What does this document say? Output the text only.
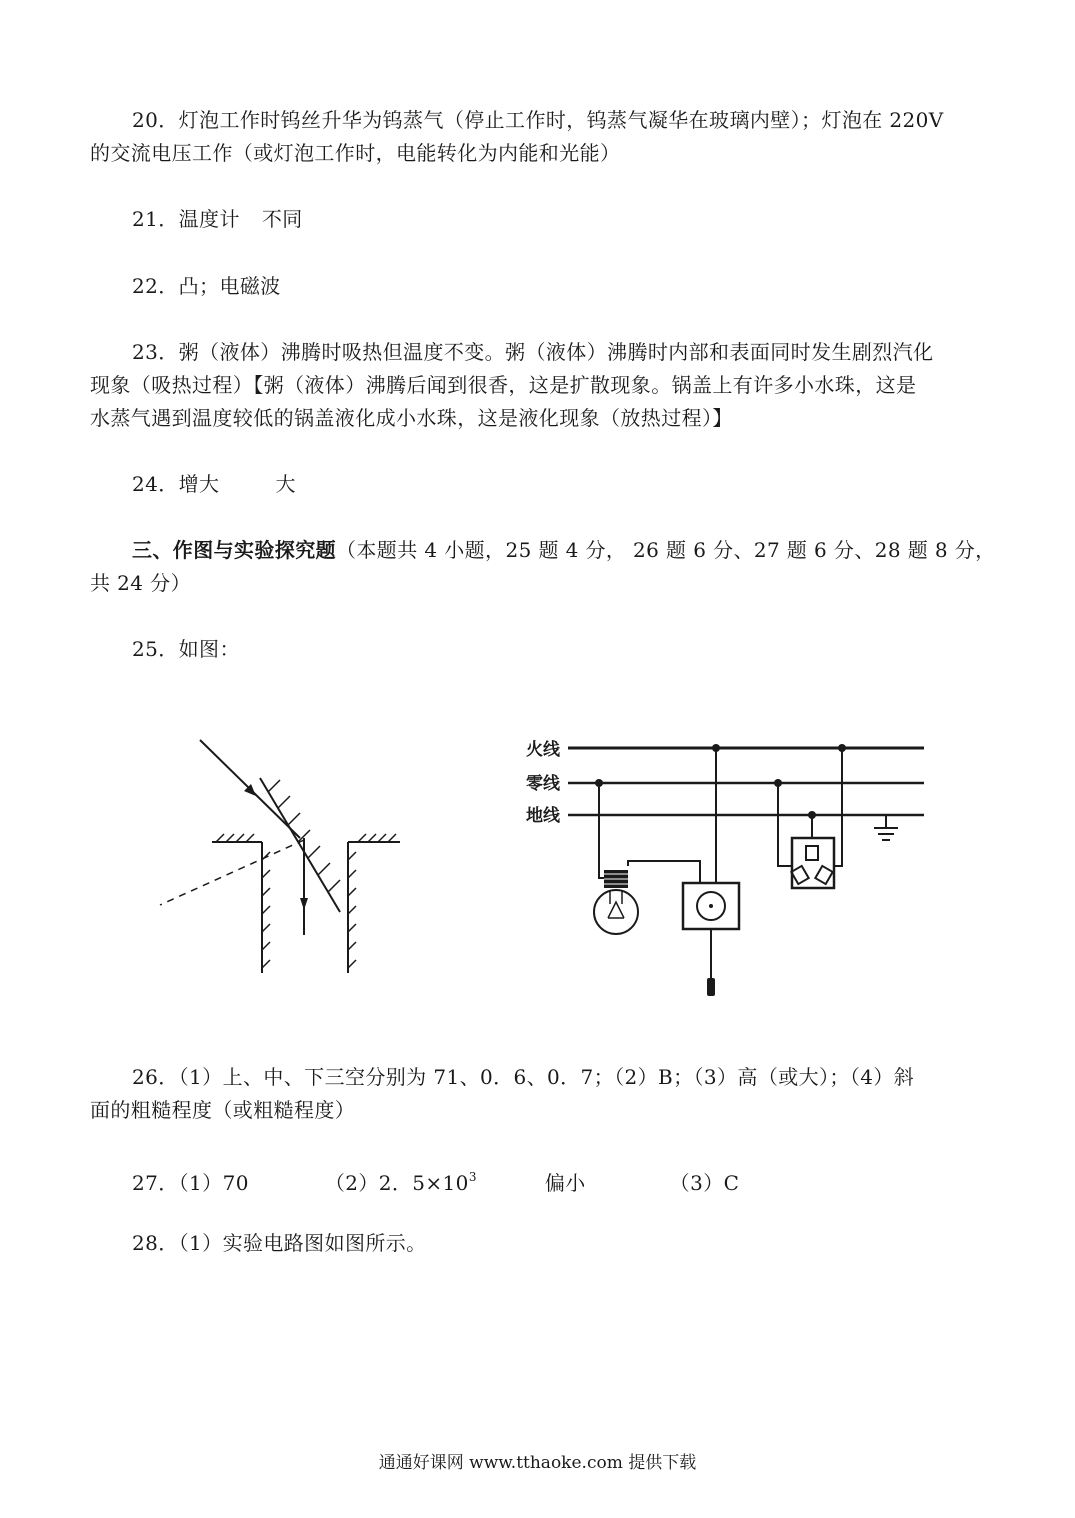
20．灯泡工作时钨丝升华为钨蒸气（停止工作时，钨蒸气凝华在玻璃内壁）；灯泡在 220V
的交流电压工作（或灯泡工作时，电能转化为内能和光能）
21．温度计 不同
22．凸；电磁波
23．粥（液体）沸腾时吸热但温度不变。粥（液体）沸腾时内部和表面同时发生剧烈汽化
现象（吸热过程）【粥（液体）沸腾后闻到很香，这是扩散现象。锅盖上有许多小水珠，这是
水蒸气遇到温度较低的锅盖液化成小水珠，这是液化现象（放热过程）】
24．增大	大
三、作图与实验探究题（本题共 4 小题，25 题 4 分， 26 题 6 分、27 题 6 分、28 题 8 分，
共 24 分）
25．如图：
火线
零线
地线
26．（1）上、中、下三空分别为 71、0．6、0．7；（2）B；（3）高（或大）；（4）斜
面的粗糙程度（或粗糙程度）
27．（1）70	（2）2．$5\times 10^3$	偏小	（3）C
28．（1）实验电路图如图所示。
通通好课网 www.tthaoke.com 提供下载
